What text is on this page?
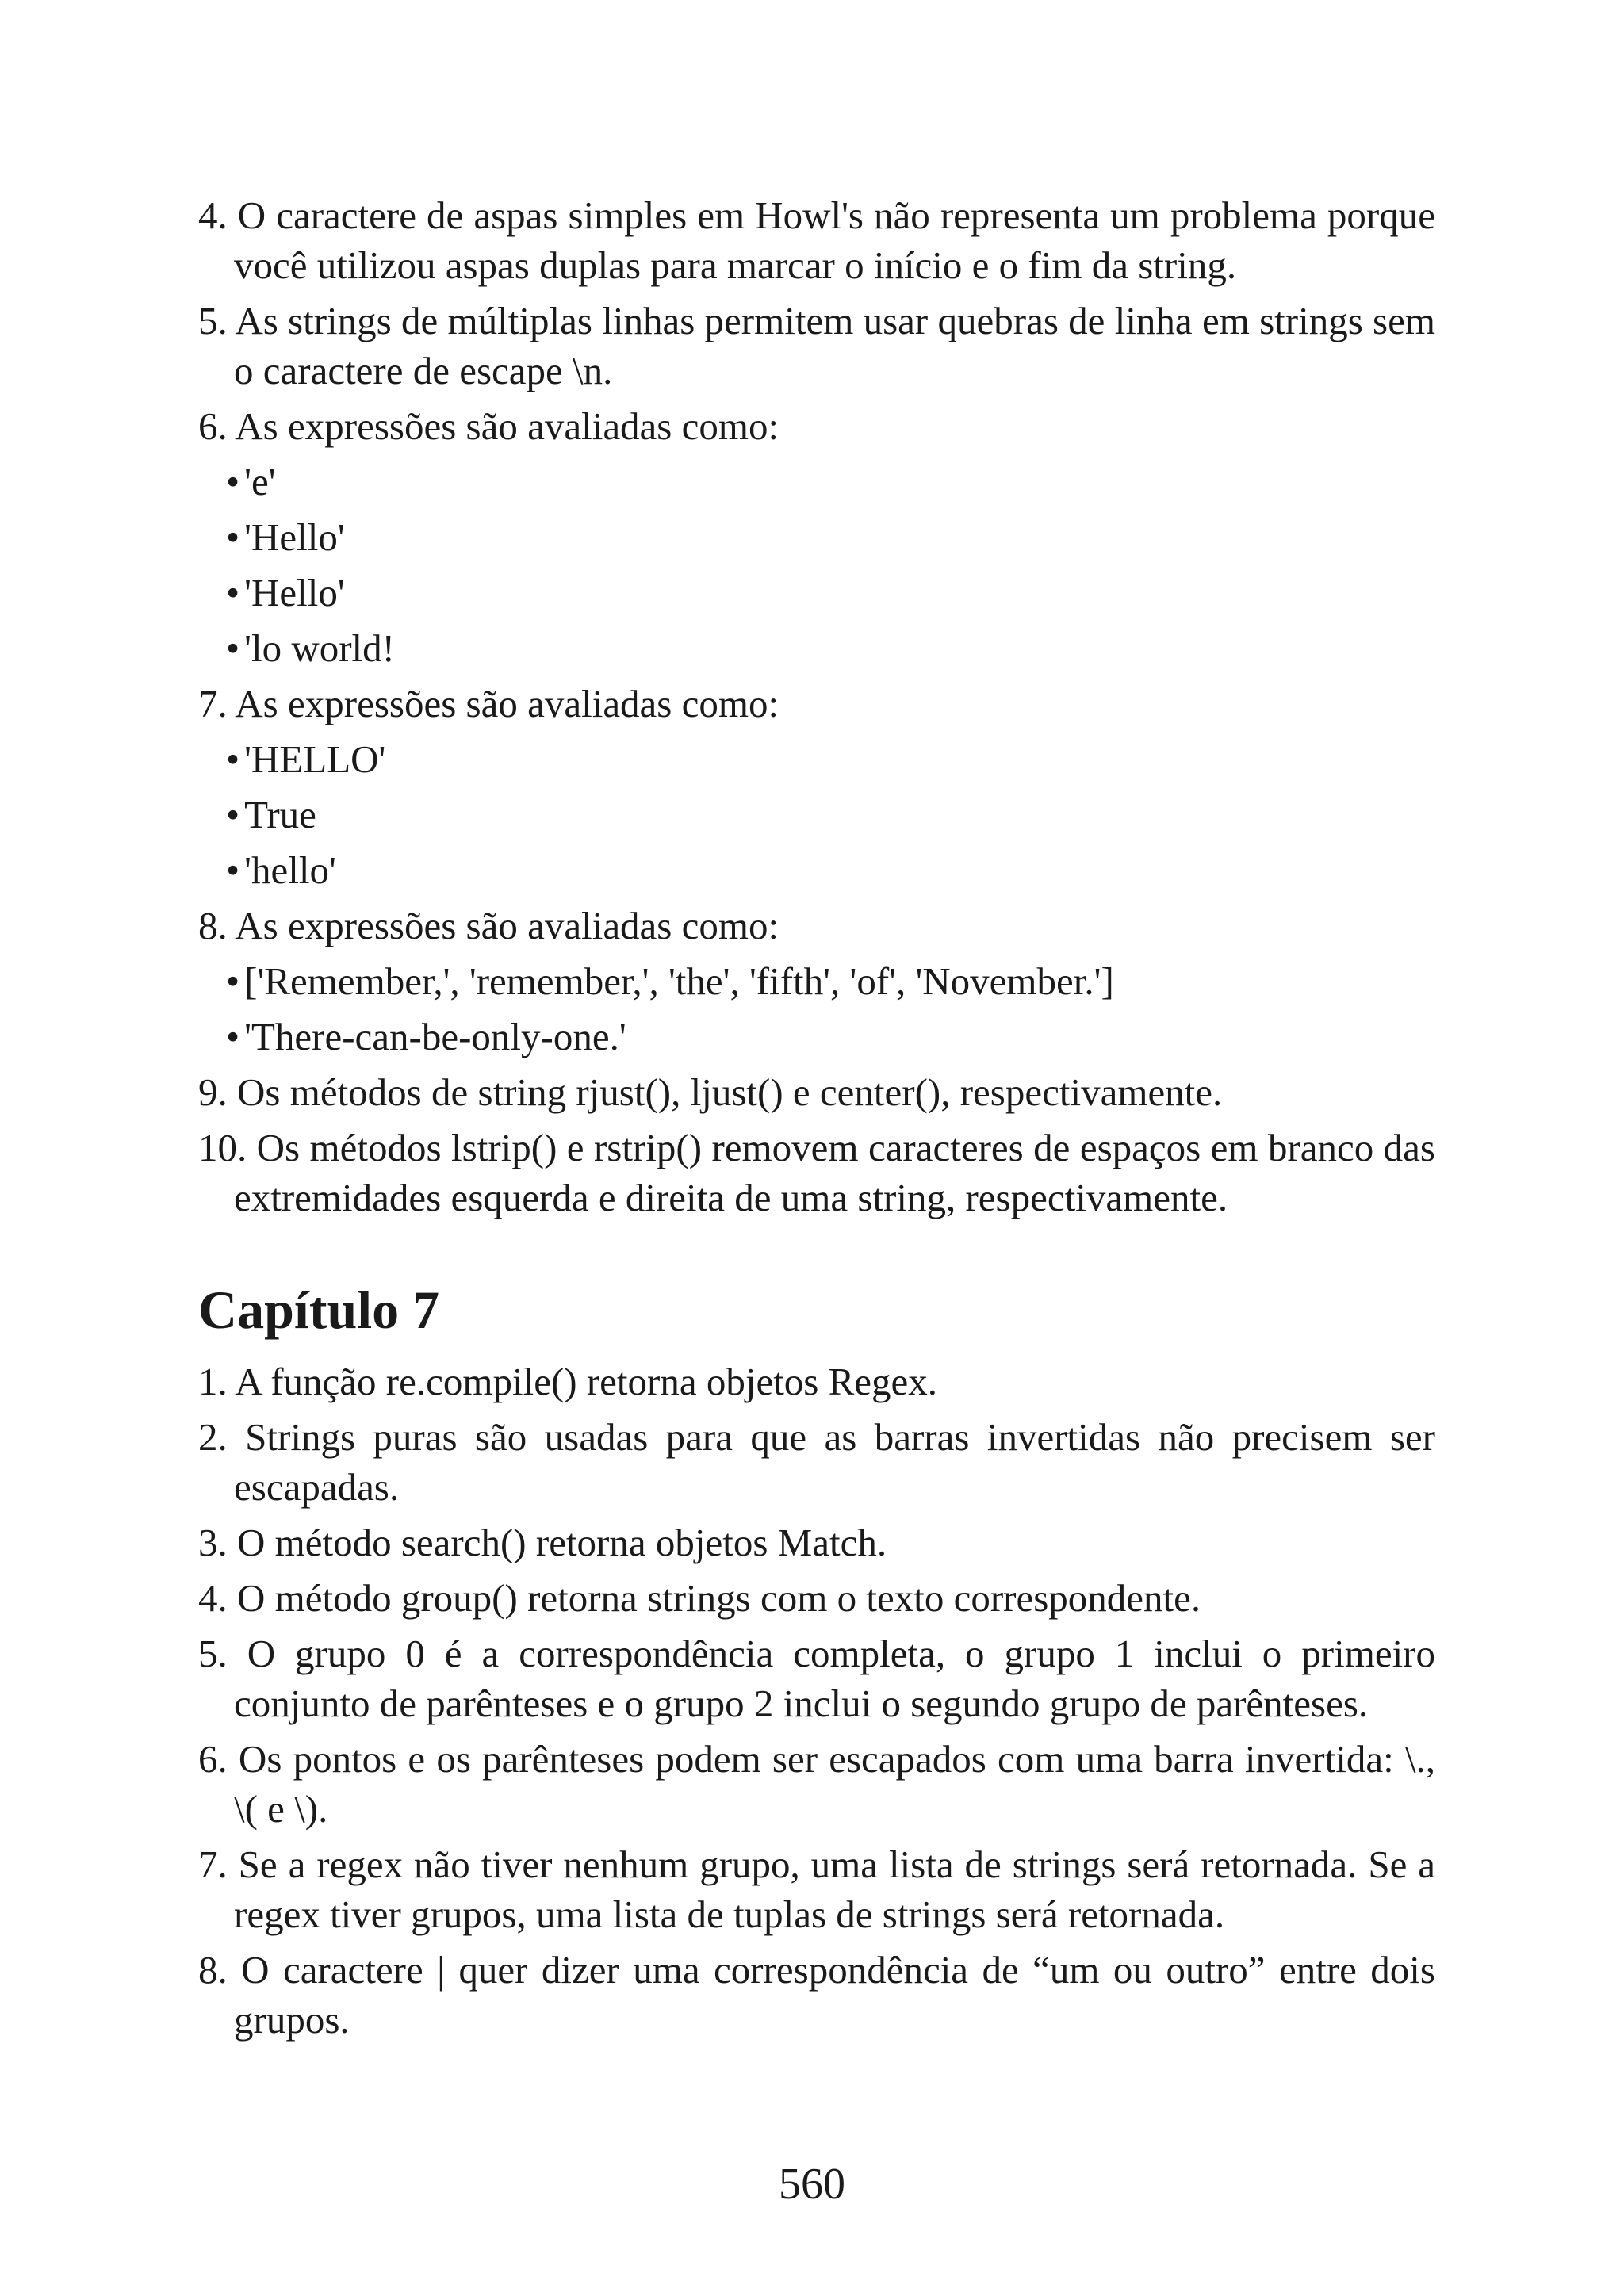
4. O caractere de aspas simples em Howl's não representa um problema porque você utilizou aspas duplas para marcar o início e o fim da string.

5. As strings de múltiplas linhas permitem usar quebras de linha em strings sem o caractere de escape \n.

6. As expressões são avaliadas como:

• 'e'
• 'Hello'
• 'Hello'
• 'lo world!

7. As expressões são avaliadas como:

• 'HELLO'
• True
• 'hello'

8. As expressões são avaliadas como:

• ['Remember,', 'remember,', 'the', 'fifth', 'of', 'November.']
• 'There-can-be-only-one.'

9. Os métodos de string rjust(), ljust() e center(), respectivamente.

10. Os métodos lstrip() e rstrip() removem caracteres de espaços em branco das extremidades esquerda e direita de uma string, respectivamente.

Capítulo 7

1. A função re.compile() retorna objetos Regex.

2. Strings puras são usadas para que as barras invertidas não precisem ser escapadas.

3. O método search() retorna objetos Match.

4. O método group() retorna strings com o texto correspondente.

5. O grupo 0 é a correspondência completa, o grupo 1 inclui o primeiro conjunto de parênteses e o grupo 2 inclui o segundo grupo de parênteses.

6. Os pontos e os parênteses podem ser escapados com uma barra invertida: \., \( e \).

7. Se a regex não tiver nenhum grupo, uma lista de strings será retornada. Se a regex tiver grupos, uma lista de tuplas de strings será retornada.

8. O caractere | quer dizer uma correspondência de “um ou outro” entre dois grupos.

560
